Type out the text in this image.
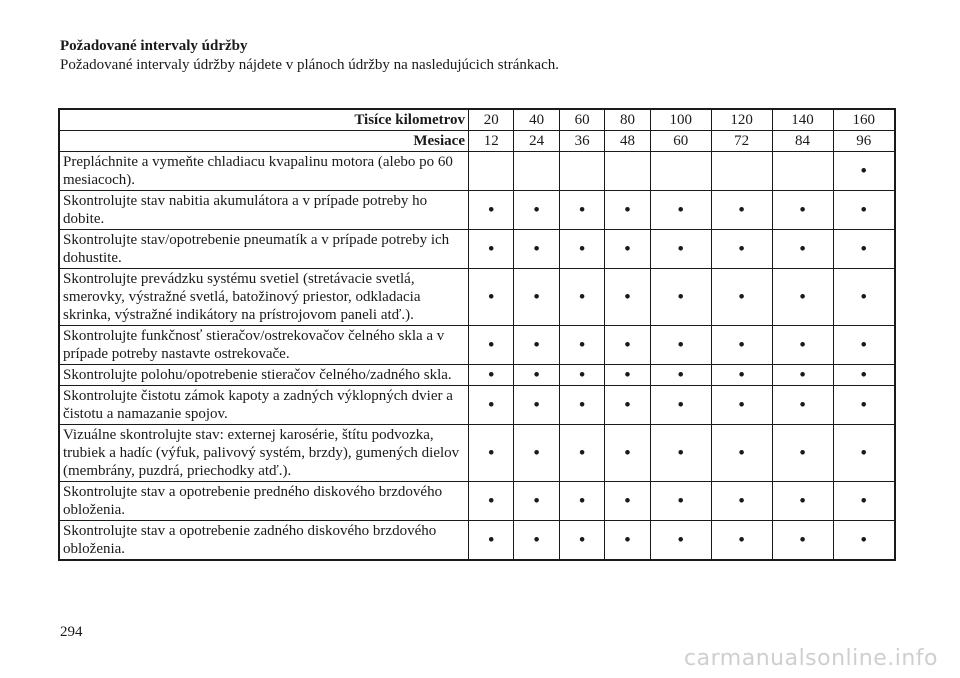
Požadované intervaly údržby
Požadované intervaly údržby nájdete v plánoch údržby na nasledujúcich stránkach.
Tisíce kilometrov	20	40	60	80	100	120	140	160
Mesiace	12	24	36	48	60	72	84	96
Prepláchnite a vymeňte chladiacu kvapalinu motora (alebo po 60 mesiacoch).								•
Skontrolujte stav nabitia akumulátora a v prípade potreby ho dobite.	•	•	•	•	•	•	•	•
Skontrolujte stav/opotrebenie pneumatík a v prípade potreby ich dohustite.	•	•	•	•	•	•	•	•
Skontrolujte prevádzku systému svetiel (stretávacie svetlá, smerovky, výstražné svetlá, batožinový priestor, odkladacia skrinka, výstražné indikátory na prístrojovom paneli atď.).	•	•	•	•	•	•	•	•
Skontrolujte funkčnosť stieračov/ostrekovačov čelného skla a v prípade potreby nastavte ostrekovače.	•	•	•	•	•	•	•	•
Skontrolujte polohu/opotrebenie stieračov čelného/zadného skla.	•	•	•	•	•	•	•	•
Skontrolujte čistotu zámok kapoty a zadných výklopných dvier a čistotu a namazanie spojov.	•	•	•	•	•	•	•	•
Vizuálne skontrolujte stav: externej karosérie, štítu podvozka, trubiek a hadíc (výfuk, palivový systém, brzdy), gumených dielov (membrány, puzdrá, priechodky atď.).	•	•	•	•	•	•	•	•
Skontrolujte stav a opotrebenie predného diskového brzdového obloženia.	•	•	•	•	•	•	•	•
Skontrolujte stav a opotrebenie zadného diskového brzdového obloženia.	•	•	•	•	•	•	•	•
294
carmanualsonline.info
